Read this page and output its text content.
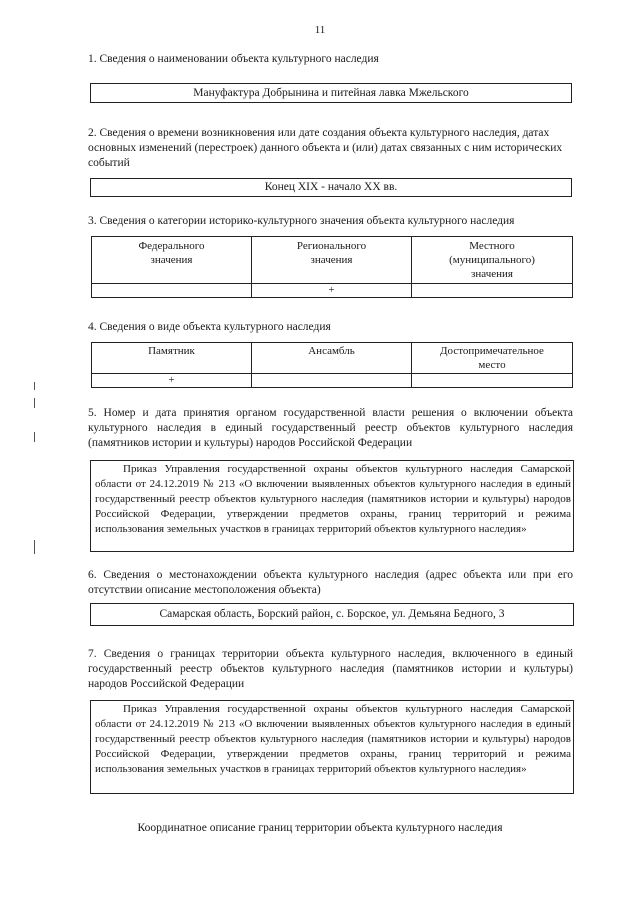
11
1. Сведения о наименовании объекта культурного наследия
Мануфактура Добрынина и питейная лавка Мжельского
2. Сведения о времени возникновения или дате создания объекта культурного наследия, датах основных изменений (перестроек) данного объекта и (или) датах связанных с ним исторических событий
Конец XIX - начало XX вв.
3. Сведения о категории историко-культурного значения объекта культурного наследия
Федерального значения	Регионального значения	Местного (муниципального) значения
	+	
4. Сведения о виде объекта культурного наследия
Памятник	Ансамбль	Достопримечательное место
+		
5. Номер и дата принятия органом государственной власти решения о включении объекта культурного наследия в единый государственный реестр объектов культурного наследия (памятников истории и культуры) народов Российской Федерации
Приказ Управления государственной охраны объектов культурного наследия Самарской области от 24.12.2019 № 213 «О включении выявленных объектов культурного наследия в единый государственный реестр объектов культурного наследия (памятников истории и культуры) народов Российской Федерации, утверждении предметов охраны, границ территорий и режима использования земельных участков в границах территорий объектов культурного наследия»
6. Сведения о местонахождении объекта культурного наследия (адрес объекта или при его отсутствии описание местоположения объекта)
Самарская область, Борский район, с. Борское, ул. Демьяна Бедного, 3
7. Сведения о границах территории объекта культурного наследия, включенного в единый государственный реестр объектов культурного наследия (памятников истории и культуры) народов Российской Федерации
Приказ Управления государственной охраны объектов культурного наследия Самарской области от 24.12.2019 № 213 «О включении выявленных объектов культурного наследия в единый государственный реестр объектов культурного наследия (памятников истории и культуры) народов Российской Федерации, утверждении предметов охраны, границ территорий и режима использования земельных участков в границах территорий объектов культурного наследия»
Координатное описание границ территории объекта культурного наследия
